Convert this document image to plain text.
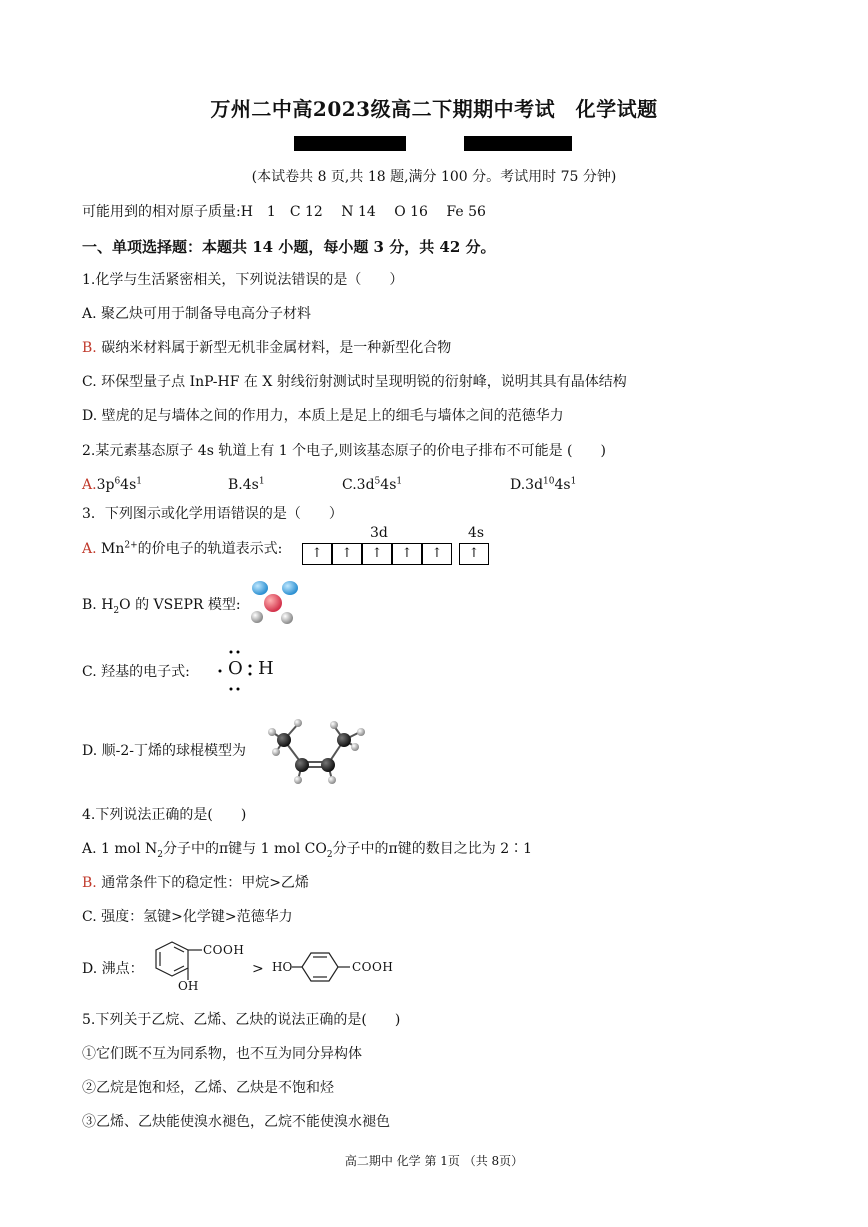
万州二中高2023级高二下期期中考试　化学试题
(本试卷共 8 页,共 18 题,满分 100 分。考试用时 75 分钟)
可能用到的相对原子质量:H　1　C 12　 N 14　 O 16　 Fe 56
一、单项选择题：本题共 14 小题，每小题 3 分，共 42 分。
1.化学与生活紧密相关，下列说法错误的是（　　）
A. 聚乙炔可用于制备导电高分子材料
B. 碳纳米材料属于新型无机非金属材料，是一种新型化合物
C. 环保型量子点 InP-HF 在 X 射线衍射测试时呈现明锐的衍射峰，说明其具有晶体结构
D. 壁虎的足与墙体之间的作用力，本质上是足上的细毛与墙体之间的范德华力
2.某元素基态原子 4s 轨道上有 1 个电子,则该基态原子的价电子排布不可能是 (　　)
$A.3p^64s^1$	$B.4s^1$	$C.3d^54s^1$	$D.3d^{10}4s^1$
3．下列图示或化学用语错误的是（　　）
3d	4s
A. $Mn^{2+}$的价电子的轨道表示式:	↑	↑	↑	↑	↑	↑
B. $H_2O$ 的 VSEPR 模型:
C. 羟基的电子式: O H
D. 顺-2-丁烯的球棍模型为
4.下列说法正确的是(　　)
A. 1 mol $N_2$分子中的π键与 1 mol $CO_2$分子中的π键的数目之比为 2∶1
B. 通常条件下的稳定性：甲烷>乙烯
C. 强度：氢键>化学键>范德华力
D. 沸点：
COOH
OH
> HO	COOH
5.下列关于乙烷、乙烯、乙炔的说法正确的是(　　)
①它们既不互为同系物，也不互为同分异构体
②乙烷是饱和烃，乙烯、乙炔是不饱和烃
③乙烯、乙炔能使溴水褪色，乙烷不能使溴水褪色
高二期中 化学 第 1页 （共 8页）
